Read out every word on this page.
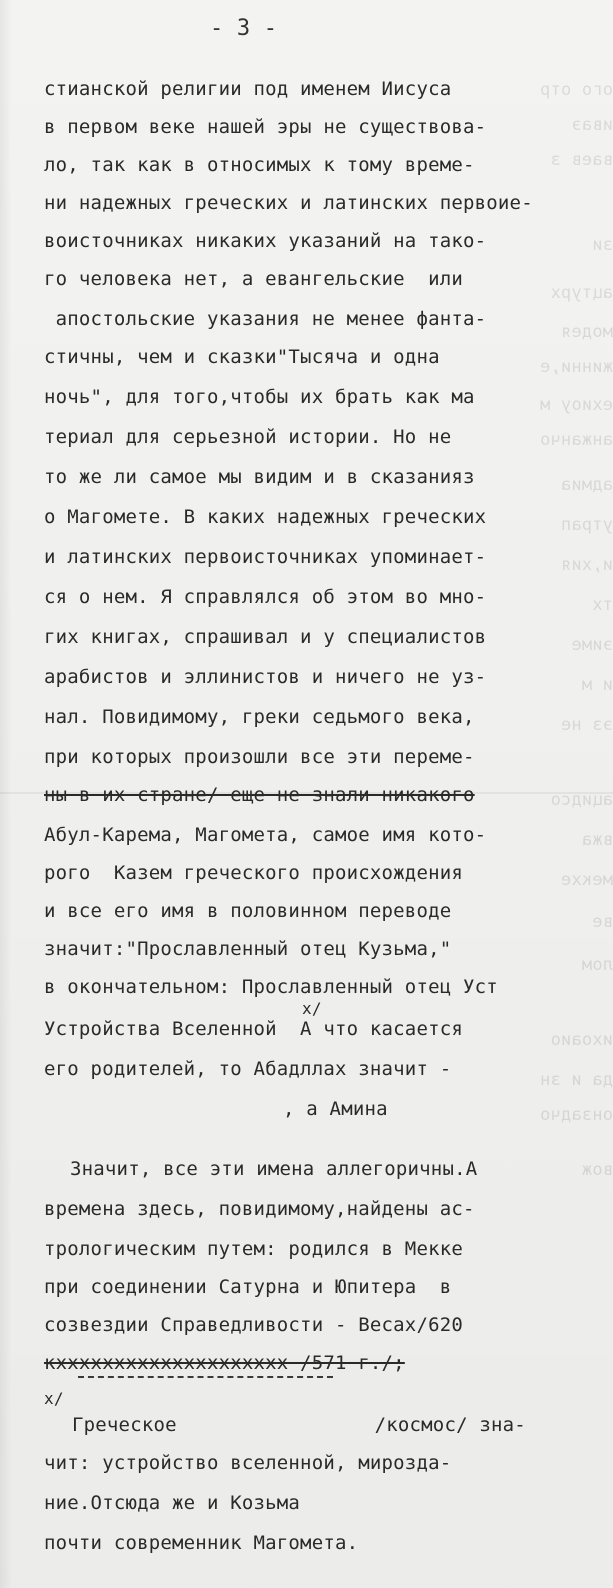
ого отр
иваэ
ваев з
зи
ацтурх
модея
жинни,е
ехиоу м
анжанчо
адмиа
утрап
и,хия
тх
эиме
и м
эз не
ацидсо
вжа
мекхе
ве
лом
ихоаио
да и зн
онзадчо
вож
- 3 -
стианской религии под именем Иисуса
в первом веке нашей эры не существова-
ло, так как в относимых к тому време-
ни надежных греческих и латинских первоие-
воисточниках никаких указаний на тако-
го человека нет, а евангельские  или
апостольские указания не менее фанта-
стичны, чем и сказки"Тысяча и одна
ночь", для того,чтобы их брать как ма
териал для серьезной истории. Но не
то же ли самое мы видим и в сказанияз
о Магомете. В каких надежных греческих
и латинских первоисточниках упоминает-
ся о нем. Я справлялся об этом во мно-
гих книгах, спрашивал и у специалистов
арабистов и эллинистов и ничего не уз-
нал. Повидимому, греки седьмого века,
при которых произошли все эти переме-
ны в их стране/ еще не знали никакого
Абул-Карема, Магомета, самое имя кото-
рого  Казем греческого происхождения
и все его имя в половинном переводе
значит:"Прославленный отец Кузьма,"
в окончательном: Прославленный отец Уст
x/
Устройства Вселенной  А что касается
его родителей, то Абадллах значит -
, а Амина
Значит, все эти имена аллегоричны.А
времена здесь, повидимому,найдены ас-
трологическим путем: родился в Мекке
при соединении Сатурна и Юпитера  в
созвездии Справедливости - Весах/620
кхххххххххххххххххххх /571 г./;
x/
Греческое                 /космос/ зна-
чит: устройство вселенной, мирозда-
ние.Отсюда же и Козьма
почти современник Магомета.
